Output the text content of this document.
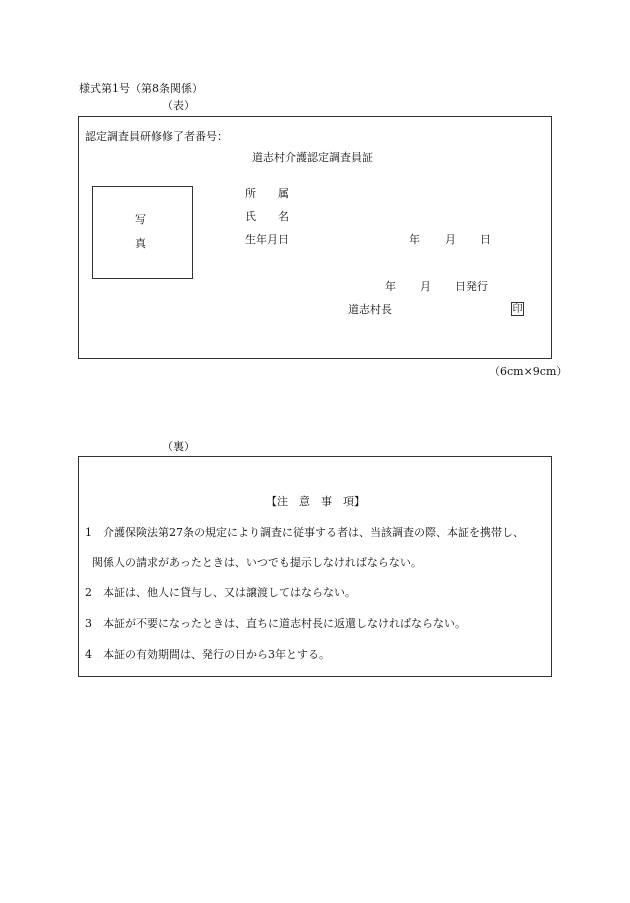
様式第1号（第8条関係）
（表）
認定調査員研修修了者番号：
道志村介護認定調査員証
写
真
所　　属
氏　　名
生年月日	年 月 日
年 月 日発行
道志村長	印
（6cm×9cm）
（裏）
【注　意　事　項】
1 介護保険法第27条の規定により調査に従事する者は、当該調査の際、本証を携帯し、
関係人の請求があったときは、いつでも提示しなければならない。
2 本証は、他人に貸与し、又は譲渡してはならない。
3 本証が不要になったときは、直ちに道志村長に返還しなければならない。
4 本証の有効期間は、発行の日から3年とする。
